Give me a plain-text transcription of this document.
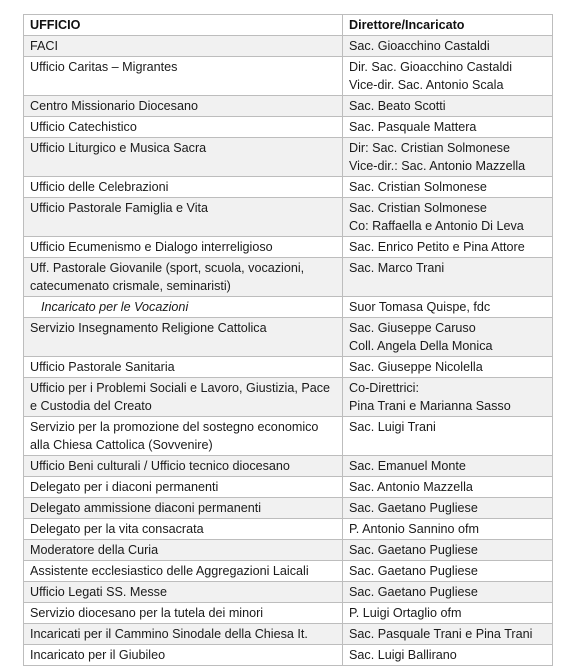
UFFICIO	Direttore/Incaricato

FACI	Sac. Gioacchino Castaldi

Ufficio Caritas – Migrantes	Dir. Sac. Gioacchino Castaldi
Vice-dir. Sac. Antonio Scala

Centro Missionario Diocesano	Sac. Beato Scotti

Ufficio Catechistico	Sac. Pasquale Mattera

Ufficio Liturgico e Musica Sacra	Dir: Sac. Cristian Solmonese
Vice-dir.: Sac. Antonio Mazzella

Ufficio delle Celebrazioni	Sac. Cristian Solmonese

Ufficio Pastorale Famiglia e Vita	Sac. Cristian Solmonese
Co: Raffaella e Antonio Di Leva

Ufficio Ecumenismo e Dialogo interreligioso	Sac. Enrico Petito e Pina Attore

Uff. Pastorale Giovanile (sport, scuola, vocazioni,
catecumenato crismale, seminaristi)	Sac. Marco Trani

Incaricato per le Vocazioni	Suor Tomasa Quispe, fdc

Servizio Insegnamento Religione Cattolica	Sac. Giuseppe Caruso
Coll. Angela Della Monica

Ufficio Pastorale Sanitaria	Sac. Giuseppe Nicolella

Ufficio per i Problemi Sociali e Lavoro, Giustizia, Pace
e Custodia del Creato	Co-Direttrici:
Pina Trani e Marianna Sasso

Servizio per la promozione del sostegno economico
alla Chiesa Cattolica (Sovvenire)	Sac. Luigi Trani

Ufficio Beni culturali / Ufficio tecnico diocesano	Sac. Emanuel Monte

Delegato per i diaconi permanenti	Sac. Antonio Mazzella

Delegato ammissione diaconi permanenti	Sac. Gaetano Pugliese

Delegato per la vita consacrata	P. Antonio Sannino ofm

Moderatore della Curia	Sac. Gaetano Pugliese

Assistente ecclesiastico delle Aggregazioni Laicali	Sac. Gaetano Pugliese

Ufficio Legati SS. Messe	Sac. Gaetano Pugliese

Servizio diocesano per la tutela dei minori	P. Luigi Ortaglio ofm

Incaricati per il Cammino Sinodale della Chiesa It.	Sac. Pasquale Trani e Pina Trani

Incaricato per il Giubileo	Sac. Luigi Ballirano
